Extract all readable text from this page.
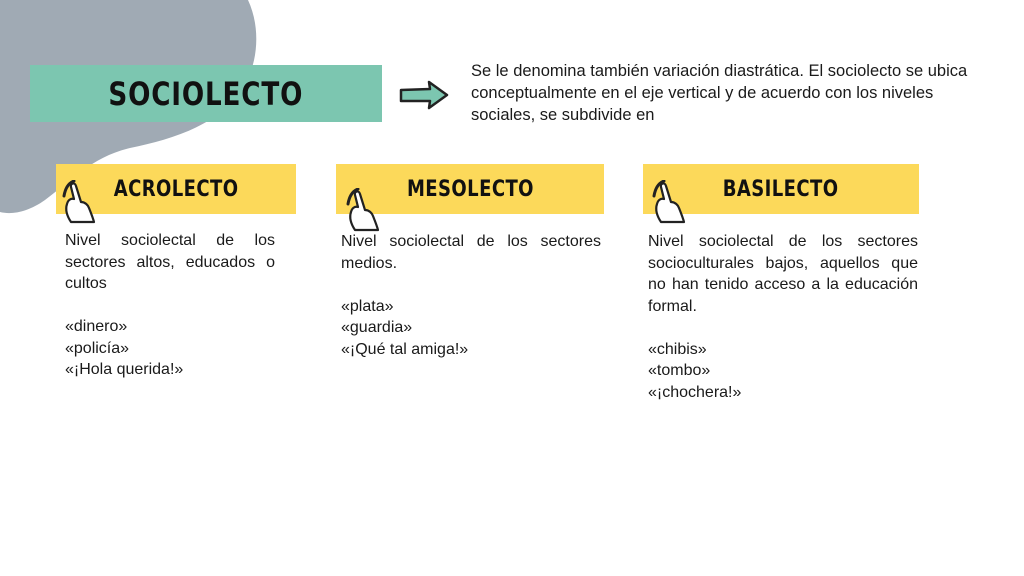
SOCIOLECTO

Se le denomina también variación diastrática. El sociolecto se ubica conceptualmente en el eje vertical y de acuerdo con los niveles sociales, se subdivide en

ACROLECTO

Nivel sociolectal de los sectores altos, educados o cultos

«dinero»
«policía»
«¡Hola querida!»
MESOLECTO

Nivel sociolectal de los sectores medios.

«plata»
«guardia»
«¡Qué tal amiga!»
BASILECTO

Nivel sociolectal de los sectores socioculturales bajos, aquellos que no han tenido acceso a la educación formal.

«chibis»
«tombo»
«¡chochera!»
